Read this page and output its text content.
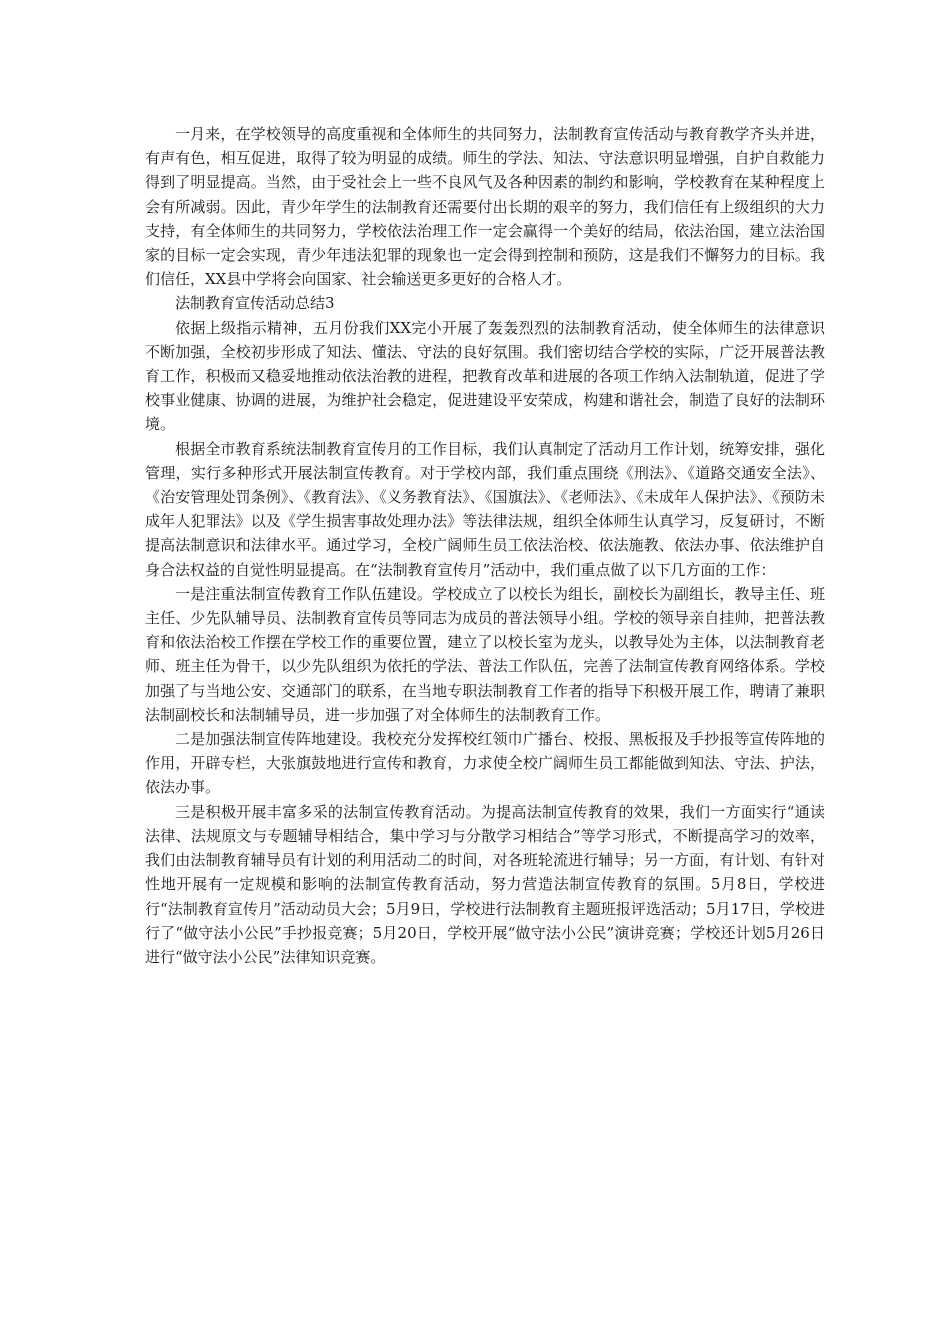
一月来，在学校领导的高度重视和全体师生的共同努力，法制教育宣传活动与教育教学齐头并进，有声有色，相互促进，取得了较为明显的成绩。师生的学法、知法、守法意识明显增强，自护自救能力得到了明显提高。当然，由于受社会上一些不良风气及各种因素的制约和影响，学校教育在某种程度上会有所减弱。因此，青少年学生的法制教育还需要付出长期的艰辛的努力，我们信任有上级组织的大力支持，有全体师生的共同努力，学校依法治理工作一定会赢得一个美好的结局，依法治国，建立法治国家的目标一定会实现，青少年违法犯罪的现象也一定会得到控制和预防，这是我们不懈努力的目标。我们信任，XX县中学将会向国家、社会输送更多更好的合格人才。

法制教育宣传活动总结3

依据上级指示精神，五月份我们XX完小开展了轰轰烈烈的法制教育活动，使全体师生的法律意识不断加强，全校初步形成了知法、懂法、守法的良好氛围。我们密切结合学校的实际，广泛开展普法教育工作，积极而又稳妥地推动依法治教的进程，把教育改革和进展的各项工作纳入法制轨道，促进了学校事业健康、协调的进展，为维护社会稳定，促进建设平安荣成，构建和谐社会，制造了良好的法制环境。

根据全市教育系统法制教育宣传月的工作目标，我们认真制定了活动月工作计划，统筹安排，强化管理，实行多种形式开展法制宣传教育。对于学校内部，我们重点围绕《刑法》、《道路交通安全法》、《治安管理处罚条例》、《教育法》、《义务教育法》、《国旗法》、《老师法》、《未成年人保护法》、《预防未成年人犯罪法》以及《学生损害事故处理办法》等法律法规，组织全体师生认真学习，反复研讨，不断提高法制意识和法律水平。通过学习，全校广阔师生员工依法治校、依法施教、依法办事、依法维护自身合法权益的自觉性明显提高。在“法制教育宣传月”活动中，我们重点做了以下几方面的工作：

一是注重法制宣传教育工作队伍建设。学校成立了以校长为组长，副校长为副组长，教导主任、班主任、少先队辅导员、法制教育宣传员等同志为成员的普法领导小组。学校的领导亲自挂帅，把普法教育和依法治校工作摆在学校工作的重要位置，建立了以校长室为龙头，以教导处为主体，以法制教育老师、班主任为骨干，以少先队组织为依托的学法、普法工作队伍，完善了法制宣传教育网络体系。学校加强了与当地公安、交通部门的联系，在当地专职法制教育工作者的指导下积极开展工作，聘请了兼职法制副校长和法制辅导员，进一步加强了对全体师生的法制教育工作。

二是加强法制宣传阵地建设。我校充分发挥校红领巾广播台、校报、黑板报及手抄报等宣传阵地的作用，开辟专栏，大张旗鼓地进行宣传和教育，力求使全校广阔师生员工都能做到知法、守法、护法，依法办事。

三是积极开展丰富多采的法制宣传教育活动。为提高法制宣传教育的效果，我们一方面实行“通读法律、法规原文与专题辅导相结合，集中学习与分散学习相结合”等学习形式，不断提高学习的效率，我们由法制教育辅导员有计划的利用活动二的时间，对各班轮流进行辅导；另一方面，有计划、有针对性地开展有一定规模和影响的法制宣传教育活动，努力营造法制宣传教育的氛围。5月8日，学校进行“法制教育宣传月”活动动员大会；5月9日，学校进行法制教育主题班报评选活动；5月17日，学校进行了“做守法小公民”手抄报竞赛；5月20日，学校开展“做守法小公民”演讲竞赛；学校还计划5月26日进行“做守法小公民”法律知识竞赛。
